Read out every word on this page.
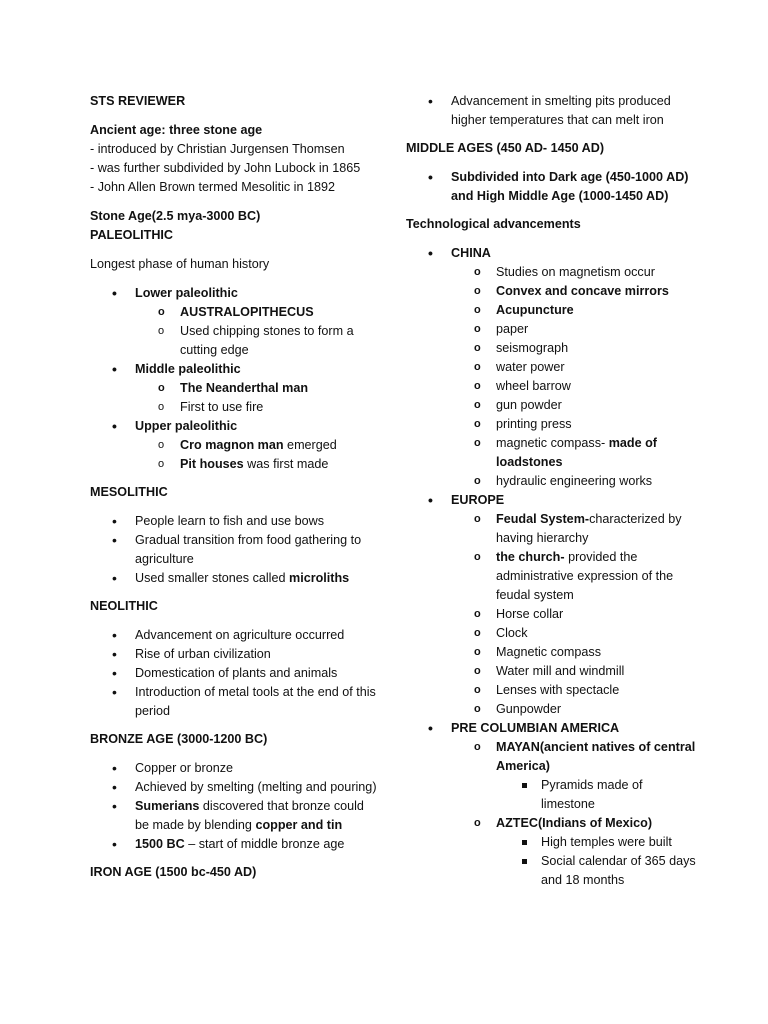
STS REVIEWER

Ancient age: three stone age
- introduced by Christian Jurgensen Thomsen
- was further subdivided by John Lubock in 1865
- John Allen Brown termed Mesolitic in 1892

Stone Age(2.5 mya-3000 BC)
PALEOLITHIC

Longest phase of human history

• Lower paleolithic
o AUSTRALOPITHECUS
o Used chipping stones to form a cutting edge
• Middle paleolithic
o The Neanderthal man
o First to use fire
• Upper paleolithic
o Cro magnon man emerged
o Pit houses was first made

MESOLITHIC

• People learn to fish and use bows
• Gradual transition from food gathering to agriculture
• Used smaller stones called microliths

NEOLITHIC

• Advancement on agriculture occurred
• Rise of urban civilization
• Domestication of plants and animals
• Introduction of metal tools at the end of this period

BRONZE AGE (3000-1200 BC)

• Copper or bronze
• Achieved by smelting (melting and pouring)
• Sumerians discovered that bronze could be made by blending copper and tin
• 1500 BC – start of middle bronze age

IRON AGE (1500 bc-450 AD)

• Advancement in smelting pits produced higher temperatures that can melt iron

MIDDLE AGES (450 AD- 1450 AD)

• Subdivided into Dark age (450-1000 AD) and High Middle Age (1000-1450 AD)

Technological advancements

• CHINA
o Studies on magnetism occur
o Convex and concave mirrors
o Acupuncture
o paper
o seismograph
o water power
o wheel barrow
o gun powder
o printing press
o magnetic compass- made of loadstones
o hydraulic engineering works
• EUROPE
o Feudal System-characterized by having hierarchy
o the church- provided the administrative expression of the feudal system
o Horse collar
o Clock
o Magnetic compass
o Water mill and windmill
o Lenses with spectacle
o Gunpowder
• PRE COLUMBIAN AMERICA
o MAYAN(ancient natives of central America)
Pyramids made of limestone
o AZTEC(Indians of Mexico)
High temples were built
Social calendar of 365 days and 18 months
